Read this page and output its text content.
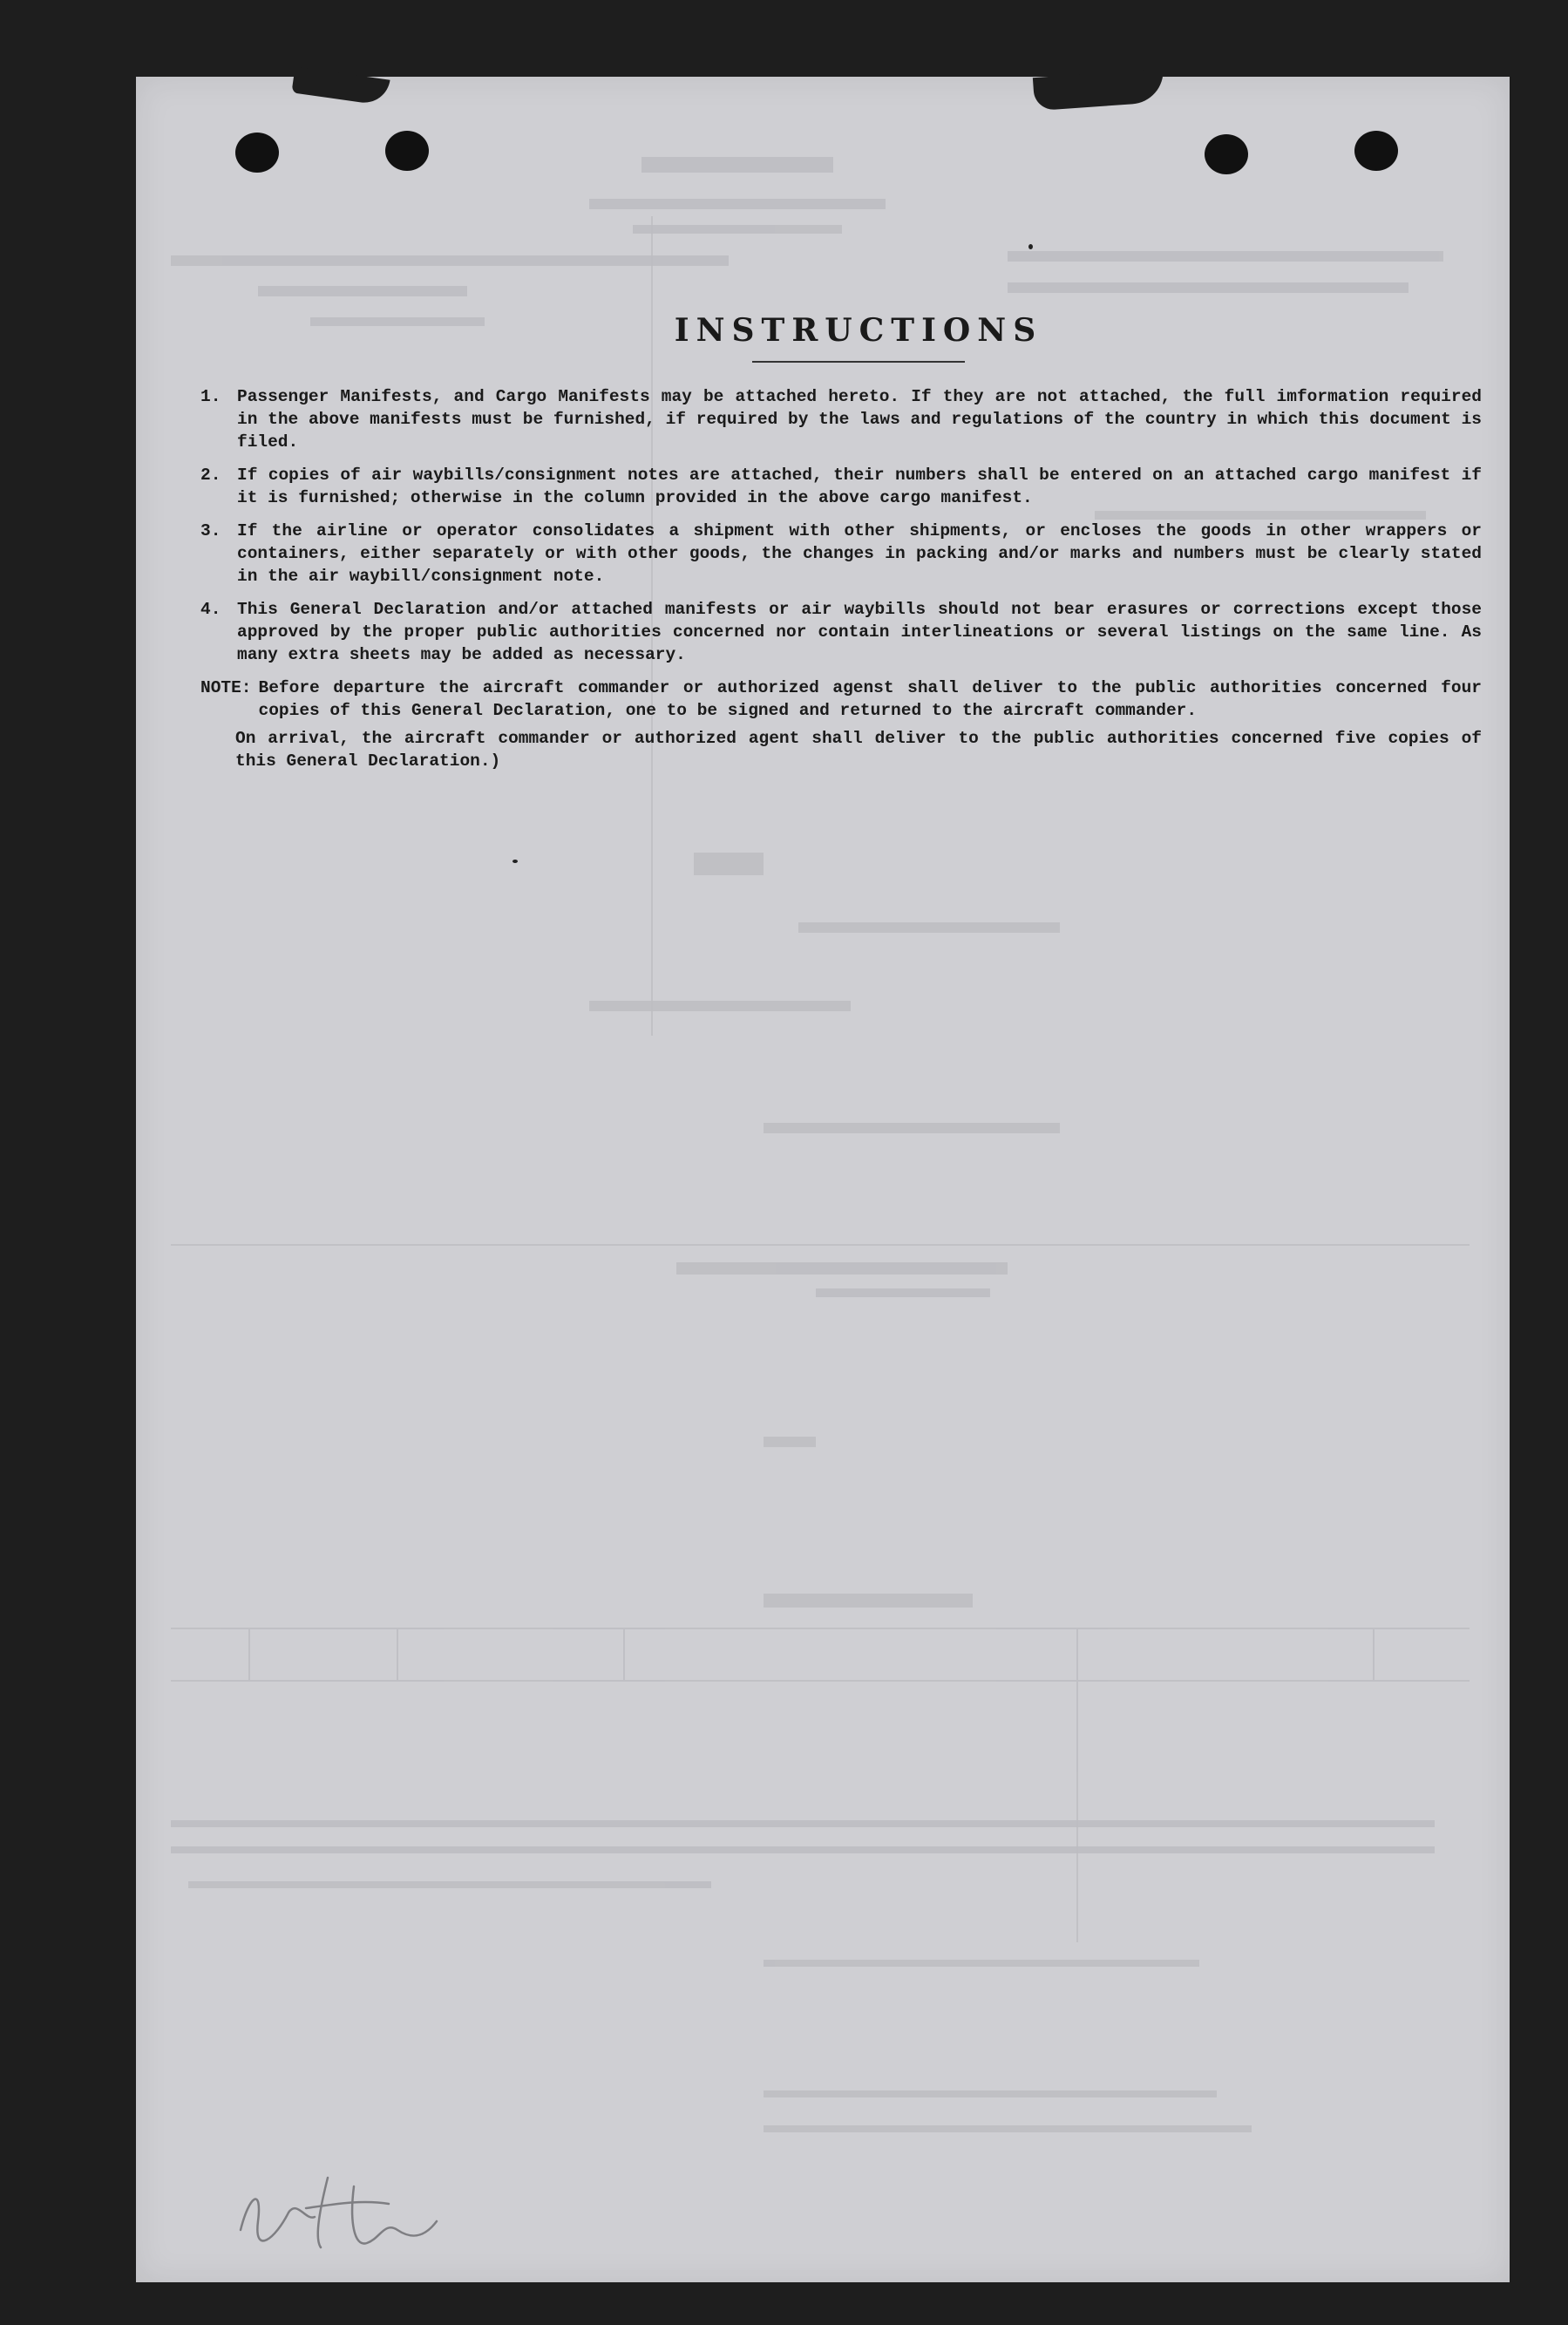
INSTRUCTIONS
1. Passenger Manifests, and Cargo Manifests may be attached hereto. If they are not attached, the full imformation required in the above manifests must be furnished, if required by the laws and regulations of the country in which this document is filed.
2. If copies of air waybills/consignment notes are attached, their numbers shall be entered on an attached cargo manifest if it is furnished; otherwise in the column provided in the above cargo manifest.
3. If the airline or operator consolidates a shipment with other shipments, or encloses the goods in other wrappers or containers, either separately or with other goods, the changes in packing and/or marks and numbers must be clearly stated in the air waybill/consignment note.
4. This General Declaration and/or attached manifests or air waybills should not bear erasures or corrections except those approved by the proper public authorities concerned nor contain interlineations or several listings on the same line. As many extra sheets may be added as necessary.
NOTE: Before departure the aircraft commander or authorized agenst shall deliver to the public authorities concerned four copies of this General Declaration, one to be signed and returned to the aircraft commander.
On arrival, the aircraft commander or authorized agent shall deliver to the public authorities concerned five copies of this General Declaration.)
